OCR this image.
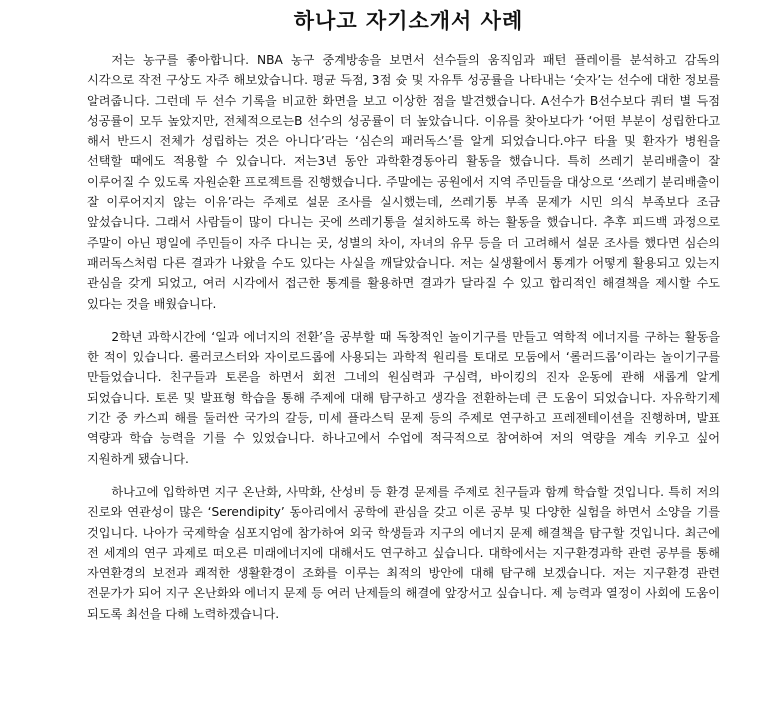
하나고 자기소개서 사례

저는 농구를 좋아합니다. NBA 농구 중계방송을 보면서 선수들의 움직임과 패턴 플레이를 분석하고 감독의 시각으로 작전 구상도 자주 해보았습니다. 평균 득점, 3점 슛 및 자유투 성공률을 나타내는 ‘숫자’는 선수에 대한 정보를 알려줍니다. 그런데 두 선수 기록을 비교한 화면을 보고 이상한 점을 발견했습니다. A선수가 B선수보다 쿼터 별 득점 성공률이 모두 높았지만, 전체적으로는B 선수의 성공률이 더 높았습니다. 이유를 찾아보다가 ‘어떤 부분이 성립한다고 해서 반드시 전체가 성립하는 것은 아니다’라는 ‘심슨의 패러독스’를 알게 되었습니다.야구 타율 및 환자가 병원을 선택할 때에도 적용할 수 있습니다. 저는3년 동안 과학환경동아리 활동을 했습니다. 특히 쓰레기 분리배출이 잘 이루어질 수 있도록 자원순환 프로젝트를 진행했습니다. 주말에는 공원에서 지역 주민들을 대상으로 ‘쓰레기 분리배출이 잘 이루어지지 않는 이유’라는 주제로 설문 조사를 실시했는데, 쓰레기통 부족 문제가 시민 의식 부족보다 조금 앞섰습니다. 그래서 사람들이 많이 다니는 곳에 쓰레기통을 설치하도록 하는 활동을 했습니다. 추후 피드백 과정으로 주말이 아닌 평일에 주민들이 자주 다니는 곳, 성별의 차이, 자녀의 유무 등을 더 고려해서 설문 조사를 했다면 심슨의 패러독스처럼 다른 결과가 나왔을 수도 있다는 사실을 깨달았습니다. 저는 실생활에서 통계가 어떻게 활용되고 있는지 관심을 갖게 되었고, 여러 시각에서 접근한 통계를 활용하면 결과가 달라질 수 있고 합리적인 해결책을 제시할 수도 있다는 것을 배웠습니다.

2학년 과학시간에 ‘일과 에너지의 전환’을 공부할 때 독창적인 놀이기구를 만들고 역학적 에너지를 구하는 활동을 한 적이 있습니다. 롤러코스터와 자이로드롭에 사용되는 과학적 원리를 토대로 모둠에서 ‘롤러드롭’이라는 놀이기구를 만들었습니다. 친구들과 토론을 하면서 회전 그네의 원심력과 구심력, 바이킹의 진자 운동에 관해 새롭게 알게 되었습니다. 토론 및 발표형 학습을 통해 주제에 대해 탐구하고 생각을 전환하는데 큰 도움이 되었습니다. 자유학기제 기간 중 카스피 해를 둘러싼 국가의 갈등, 미세 플라스틱 문제 등의 주제로 연구하고 프레젠테이션을 진행하며, 발표 역량과 학습 능력을 기를 수 있었습니다. 하나고에서 수업에 적극적으로 참여하여 저의 역량을 계속 키우고 싶어 지원하게 됐습니다.

하나고에 입학하면 지구 온난화, 사막화, 산성비 등 환경 문제를 주제로 친구들과 함께 학습할 것입니다. 특히 저의 진로와 연관성이 많은 ‘Serendipity’ 동아리에서 공학에 관심을 갖고 이론 공부 및 다양한 실험을 하면서 소양을 기를 것입니다. 나아가 국제학술 심포지엄에 참가하여 외국 학생들과 지구의 에너지 문제 해결책을 탐구할 것입니다. 최근에 전 세계의 연구 과제로 떠오른 미래에너지에 대해서도 연구하고 싶습니다. 대학에서는 지구환경과학 관련 공부를 통해 자연환경의 보전과 쾌적한 생활환경이 조화를 이루는 최적의 방안에 대해 탐구해 보겠습니다. 저는 지구환경 관련 전문가가 되어 지구 온난화와 에너지 문제 등 여러 난제들의 해결에 앞장서고 싶습니다. 제 능력과 열정이 사회에 도움이 되도록 최선을 다해 노력하겠습니다.
